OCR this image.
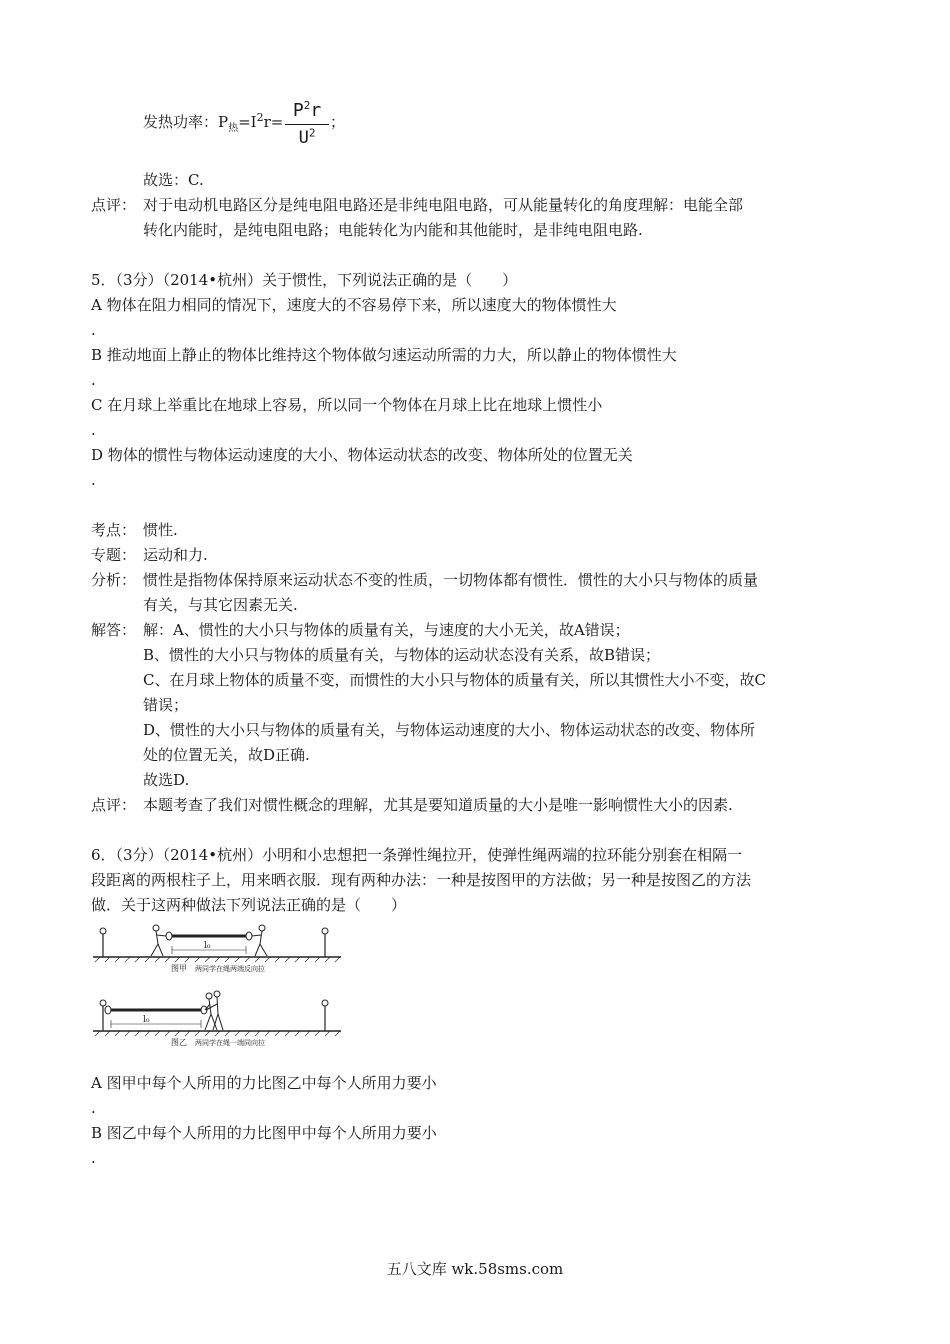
发热功率：$P_热=I^2r=$
$P^2r$
$U^2$
；
故选：C.
点评： 对于电动机电路区分是纯电阻电路还是非纯电阻电路，可从能量转化的角度理解：电能全部
转化内能时，是纯电阻电路；电能转化为内能和其他能时，是非纯电阻电路.
5．（3分）（2014•杭州）关于惯性，下列说法正确的是（　　）
A 物体在阻力相同的情况下，速度大的不容易停下来，所以速度大的物体惯性大
.
B 推动地面上静止的物体比维持这个物体做匀速运动所需的力大，所以静止的物体惯性大
.
C 在月球上举重比在地球上容易，所以同一个物体在月球上比在地球上惯性小
.
D 物体的惯性与物体运动速度的大小、物体运动状态的改变、物体所处的位置无关
.
考点： 惯性.
专题： 运动和力.
分析： 惯性是指物体保持原来运动状态不变的性质，一切物体都有惯性．惯性的大小只与物体的质量
有关，与其它因素无关.
解答： 解：A、惯性的大小只与物体的质量有关，与速度的大小无关，故A错误；
B、惯性的大小只与物体的质量有关，与物体的运动状态没有关系，故B错误；
C、在月球上物体的质量不变，而惯性的大小只与物体的质量有关，所以其惯性大小不变，故C
错误；
D、惯性的大小只与物体的质量有关，与物体运动速度的大小、物体运动状态的改变、物体所
处的位置无关，故D正确.
故选D.
点评： 本题考查了我们对惯性概念的理解，尤其是要知道质量的大小是唯一影响惯性大小的因素.
6．（3分）（2014•杭州）小明和小忠想把一条弹性绳拉开，使弹性绳两端的拉环能分别套在相隔一
段距离的两根柱子上，用来晒衣服．现有两种办法：一种是按图甲的方法做；另一种是按图乙的方法
做．关于这两种做法下列说法正确的是（　　）
l₀
图甲 两同学在绳两端反向拉
l₀
图乙 两同学在绳一端同向拉
A 图甲中每个人所用的力比图乙中每个人所用力要小
.
B 图乙中每个人所用的力比图甲中每个人所用力要小
.
五八文库 wk.58sms.com
